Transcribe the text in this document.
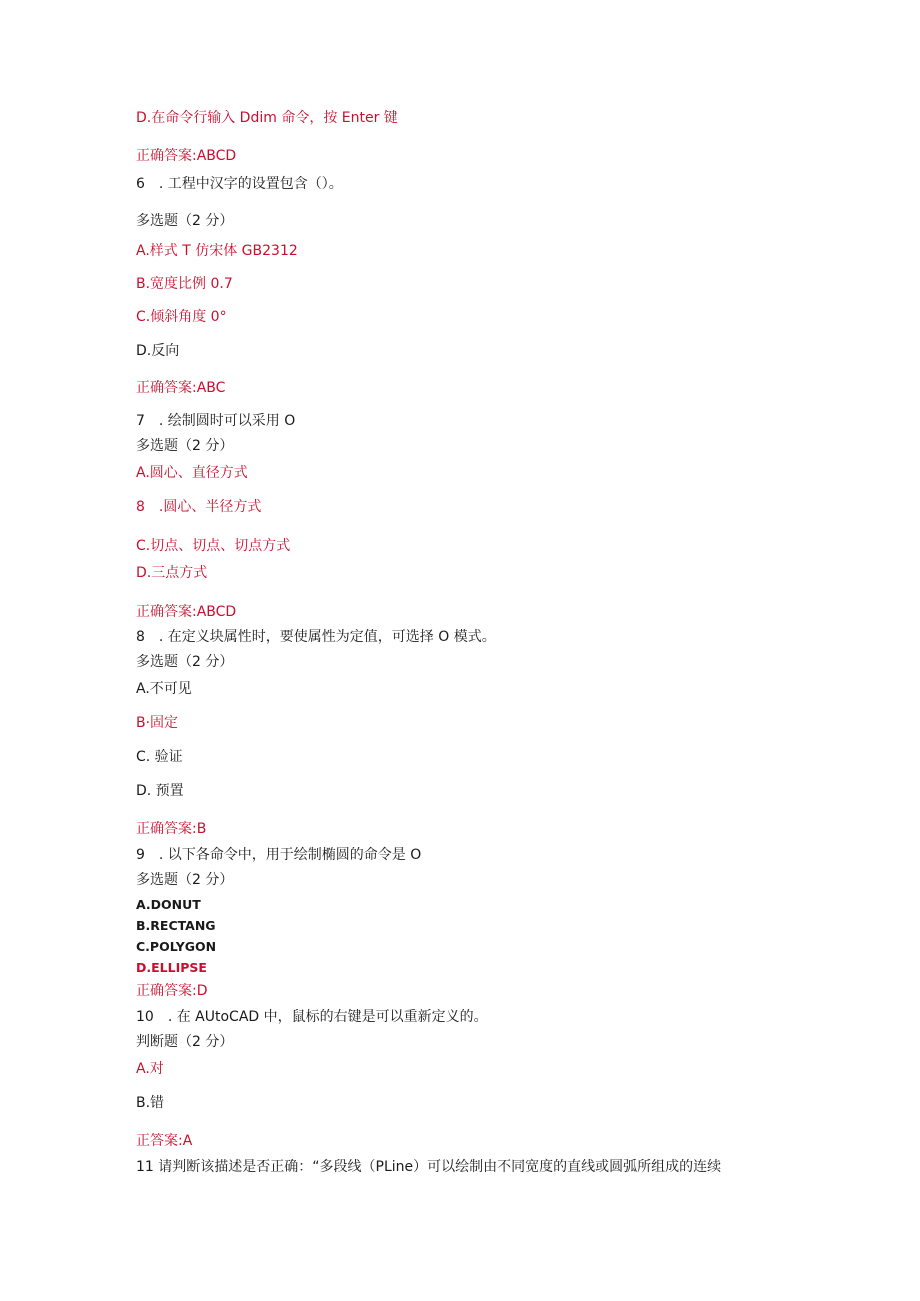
D.在命令行输入 Ddim 命令，按 Enter 键
正确答案:ABCD
6　. 工程中汉字的设置包含（）。
多选题（2 分）
A.样式 T 仿宋体 GB2312
B.宽度比例 0.7
C.倾斜角度 0°
D.反向
正确答案:ABC
7　. 绘制圆时可以采用 O
多选题（2 分）
A.圆心、直径方式
8　.圆心、半径方式
C.切点、切点、切点方式
D.三点方式
正确答案:ABCD
8　. 在定义块属性时，要使属性为定值，可选择 O 模式。
多选题（2 分）
A.不可见
B·固定
C. 验证
D. 预置
正确答案:B
9　. 以下各命令中，用于绘制椭圆的命令是 O
多选题（2 分）
A.DONUT
B.RECTANG
C.POLYGON
D.ELLIPSE
正确答案:D
10　. 在 AUtoCAD 中，鼠标的右键是可以重新定义的。
判断题（2 分）
A.对
B.错
正答案:A
11 请判断该描述是否正确：“多段线（PLine）可以绘制由不同宽度的直线或圆弧所组成的连续
